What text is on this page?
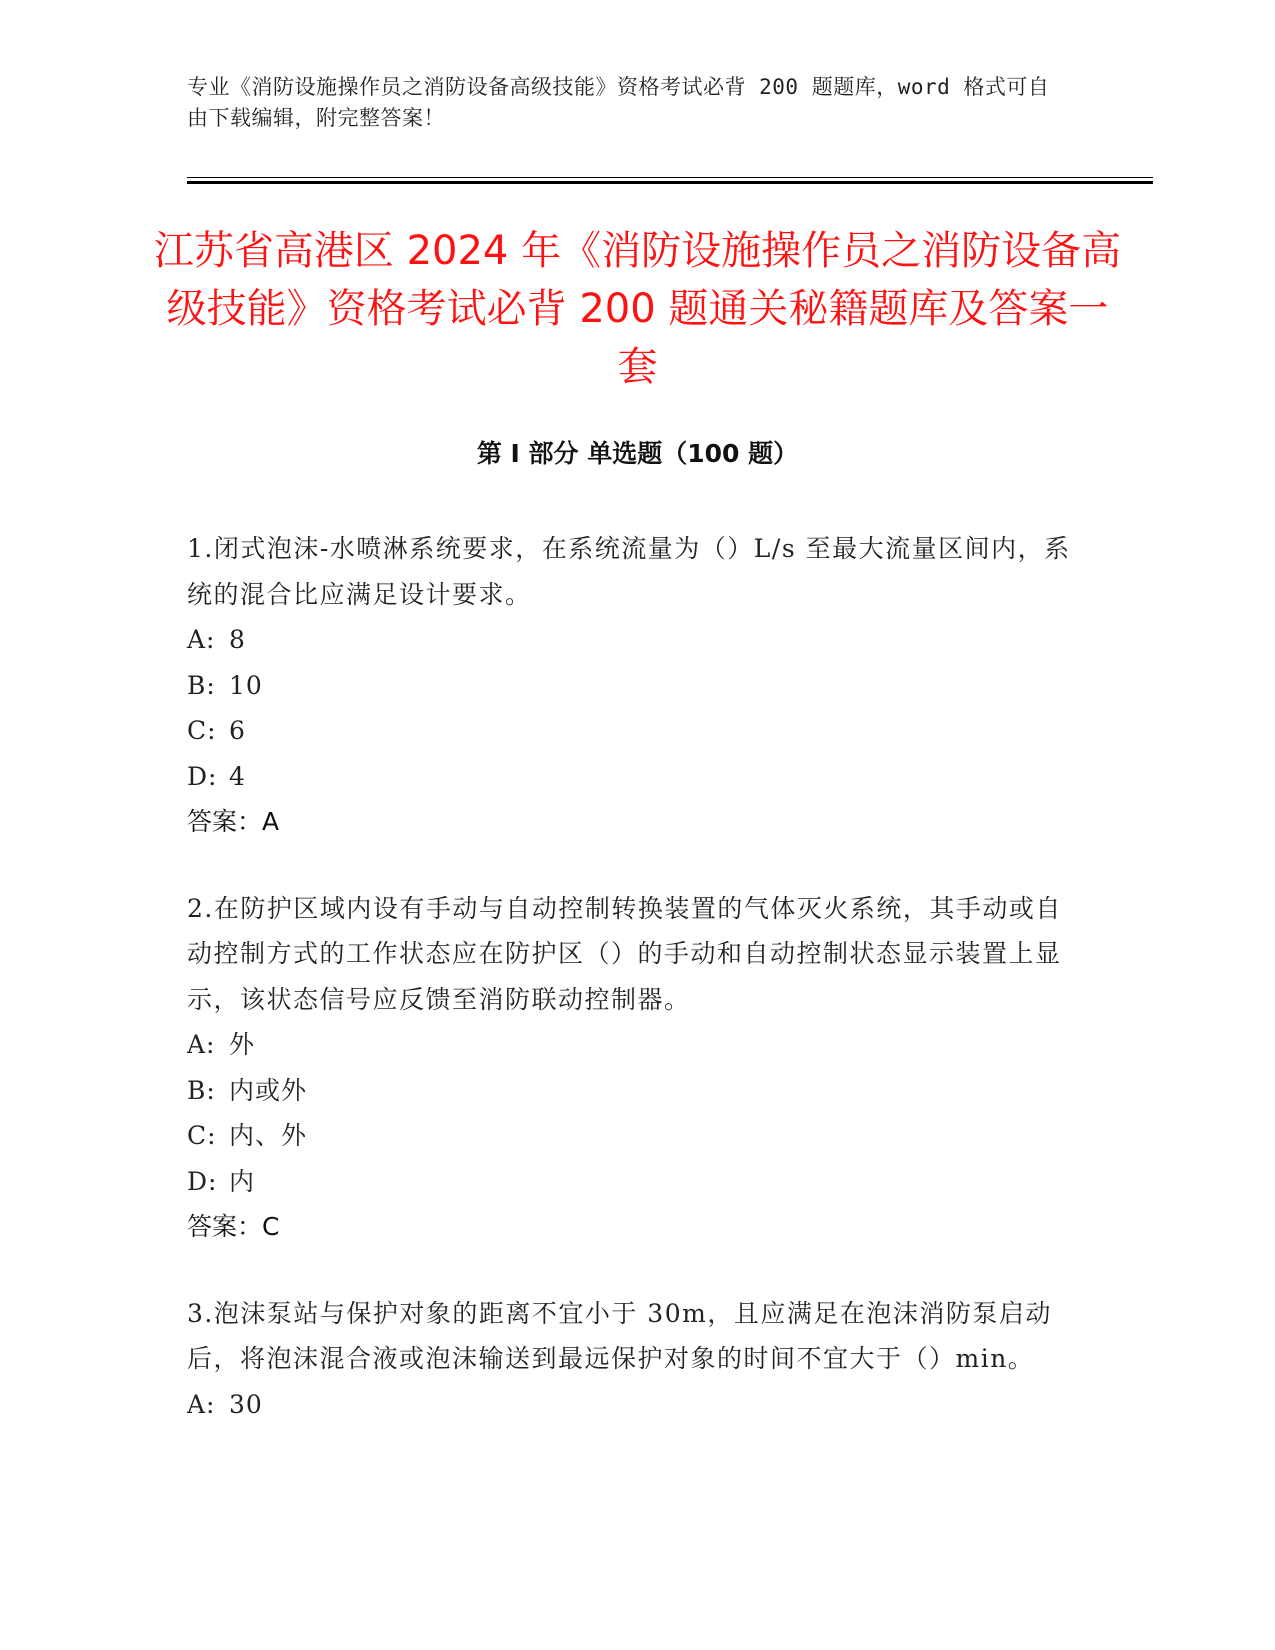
专业《消防设施操作员之消防设备高级技能》资格考试必背 200 题题库，word 格式可自由下载编辑，附完整答案！
江苏省高港区 2024 年《消防设施操作员之消防设备高级技能》资格考试必背 200 题通关秘籍题库及答案一套
第 I 部分 单选题（100 题）

1.闭式泡沫-水喷淋系统要求，在系统流量为（）L/s 至最大流量区间内，系统的混合比应满足设计要求。

A: 8

B: 10

C: 6

D: 4

答案：A

2.在防护区域内设有手动与自动控制转换装置的气体灭火系统，其手动或自动控制方式的工作状态应在防护区（）的手动和自动控制状态显示装置上显示，该状态信号应反馈至消防联动控制器。

A: 外

B: 内或外

C: 内、外

D: 内

答案：C

3.泡沫泵站与保护对象的距离不宜小于 30m，且应满足在泡沫消防泵启动后，将泡沫混合液或泡沫输送到最远保护对象的时间不宜大于（）min。

A: 30
